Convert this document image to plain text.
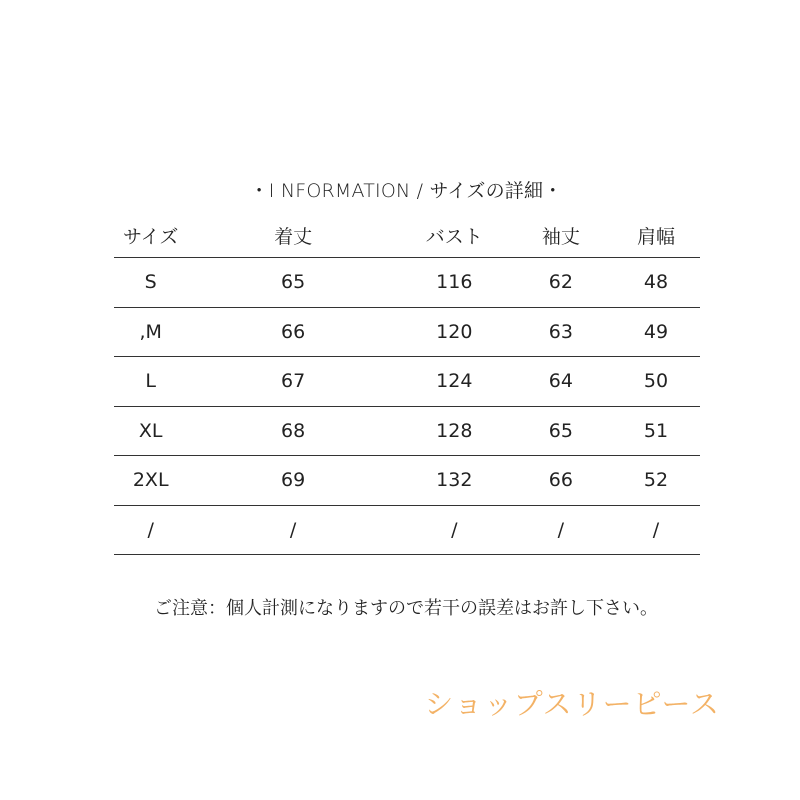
・I NFORMATION / サイズの詳細・
サイズ	着丈	バスト	袖丈	肩幅
S	65	116	62	48
,M	66	120	63	49
L	67	124	64	50
XL	68	128	65	51
2XL	69	132	66	52
/	/	/	/	/
ご注意：個人計測になりますので若干の誤差はお許し下さい。
ショップスリーピース
